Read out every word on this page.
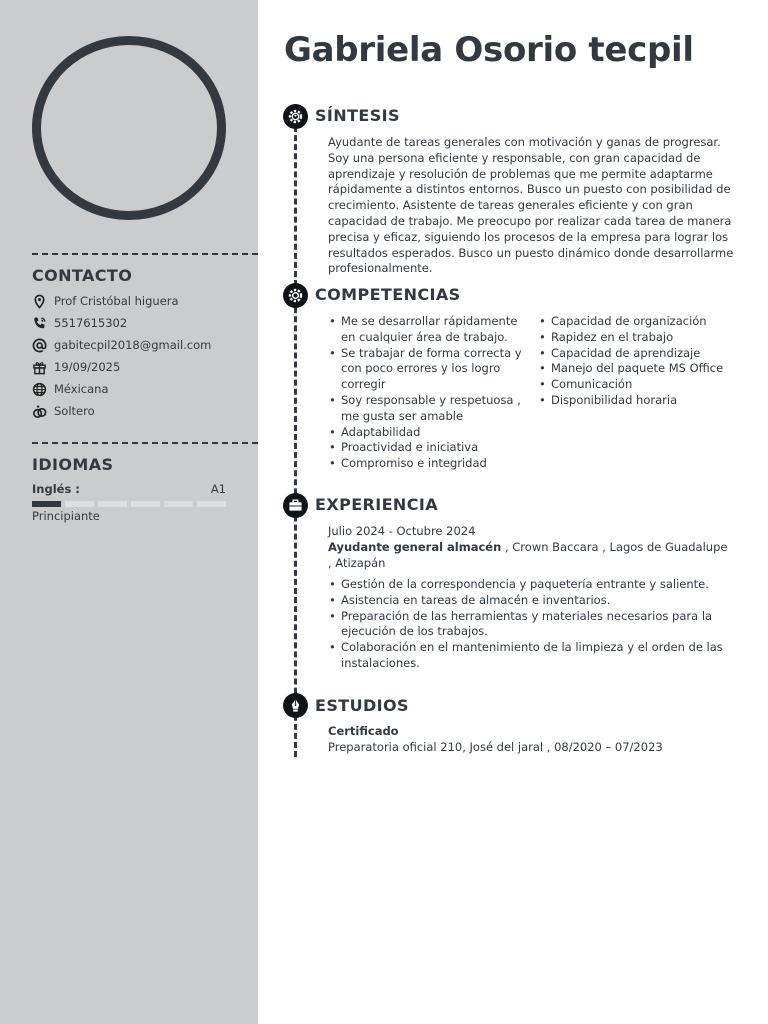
CONTACTO
Prof Cristóbal higuera
5517615302
gabitecpil2018@gmail.com
19/09/2025
Méxicana
Soltero
IDIOMAS
Inglés :	A1
Principiante
Gabriela Osorio tecpil
SÍNTESIS
Ayudante de tareas generales con motivación y ganas de progresar. Soy una persona eficiente y responsable, con gran capacidad de aprendizaje y resolución de problemas que me permite adaptarme rápidamente a distintos entornos. Busco un puesto con posibilidad de crecimiento. Asistente de tareas generales eficiente y con gran capacidad de trabajo. Me preocupo por realizar cada tarea de manera precisa y eficaz, siguiendo los procesos de la empresa para lograr los resultados esperados. Busco un puesto dinámico donde desarrollarme profesionalmente.
COMPETENCIAS
• Me se desarrollar rápidamente en cualquier área de trabajo.
• Se trabajar de forma correcta y con poco errores y los logro corregir
• Soy responsable y respetuosa , me gusta ser amable
• Adaptabilidad
• Proactividad e iniciativa
• Compromiso e integridad
• Capacidad de organización
• Rapidez en el trabajo
• Capacidad de aprendizaje
• Manejo del paquete MS Office
• Comunicación
• Disponibilidad horaria
EXPERIENCIA
Julio 2024 - Octubre 2024
Ayudante general almacén , Crown Baccara , Lagos de Guadalupe , Atizapán
• Gestión de la correspondencia y paquetería entrante y saliente.
• Asistencia en tareas de almacén e inventarios.
• Preparación de las herramientas y materiales necesarios para la ejecución de los trabajos.
• Colaboración en el mantenimiento de la limpieza y el orden de las instalaciones.
ESTUDIOS
Certificado
Preparatoria oficial 210, José del jaral , 08/2020 – 07/2023
